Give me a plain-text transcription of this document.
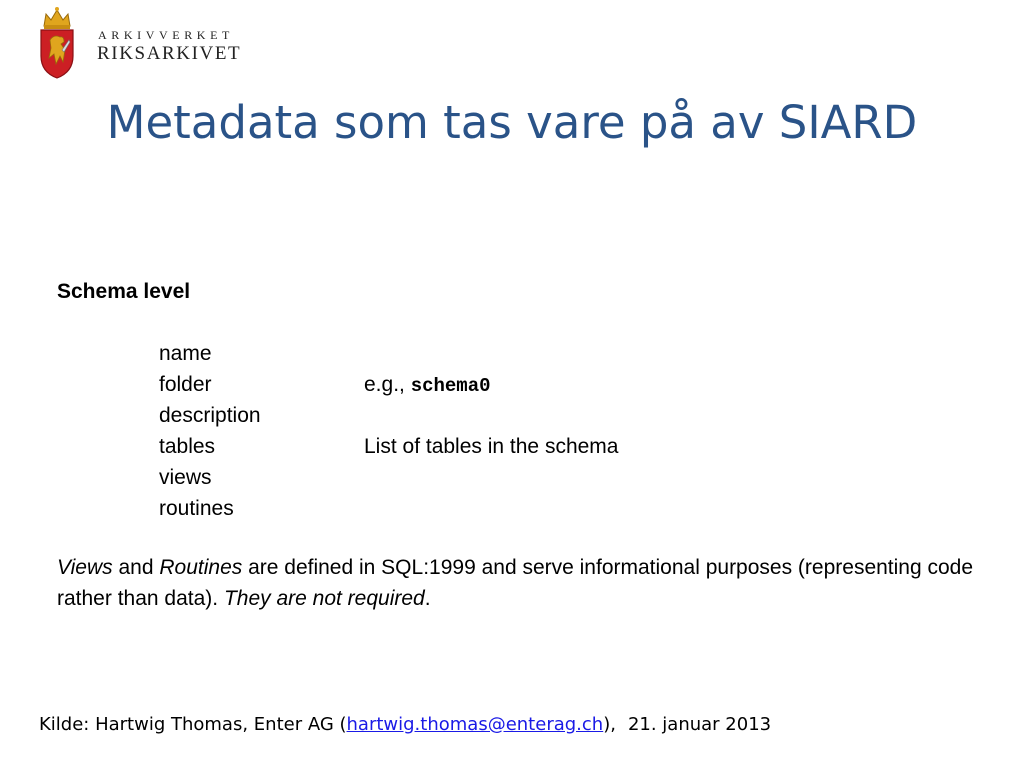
ARKIVVERKET
RIKSARKIVET
Metadata som tas vare på av SIARD
Schema level
name
folder	e.g., schema0
description
tables	List of tables in the schema
views
routines

Views and Routines are defined in SQL:1999 and serve informational purposes (representing code rather than data). They are not required.

Kilde: Hartwig Thomas, Enter AG (hartwig.thomas@enterag.ch), 21. januar 2013
